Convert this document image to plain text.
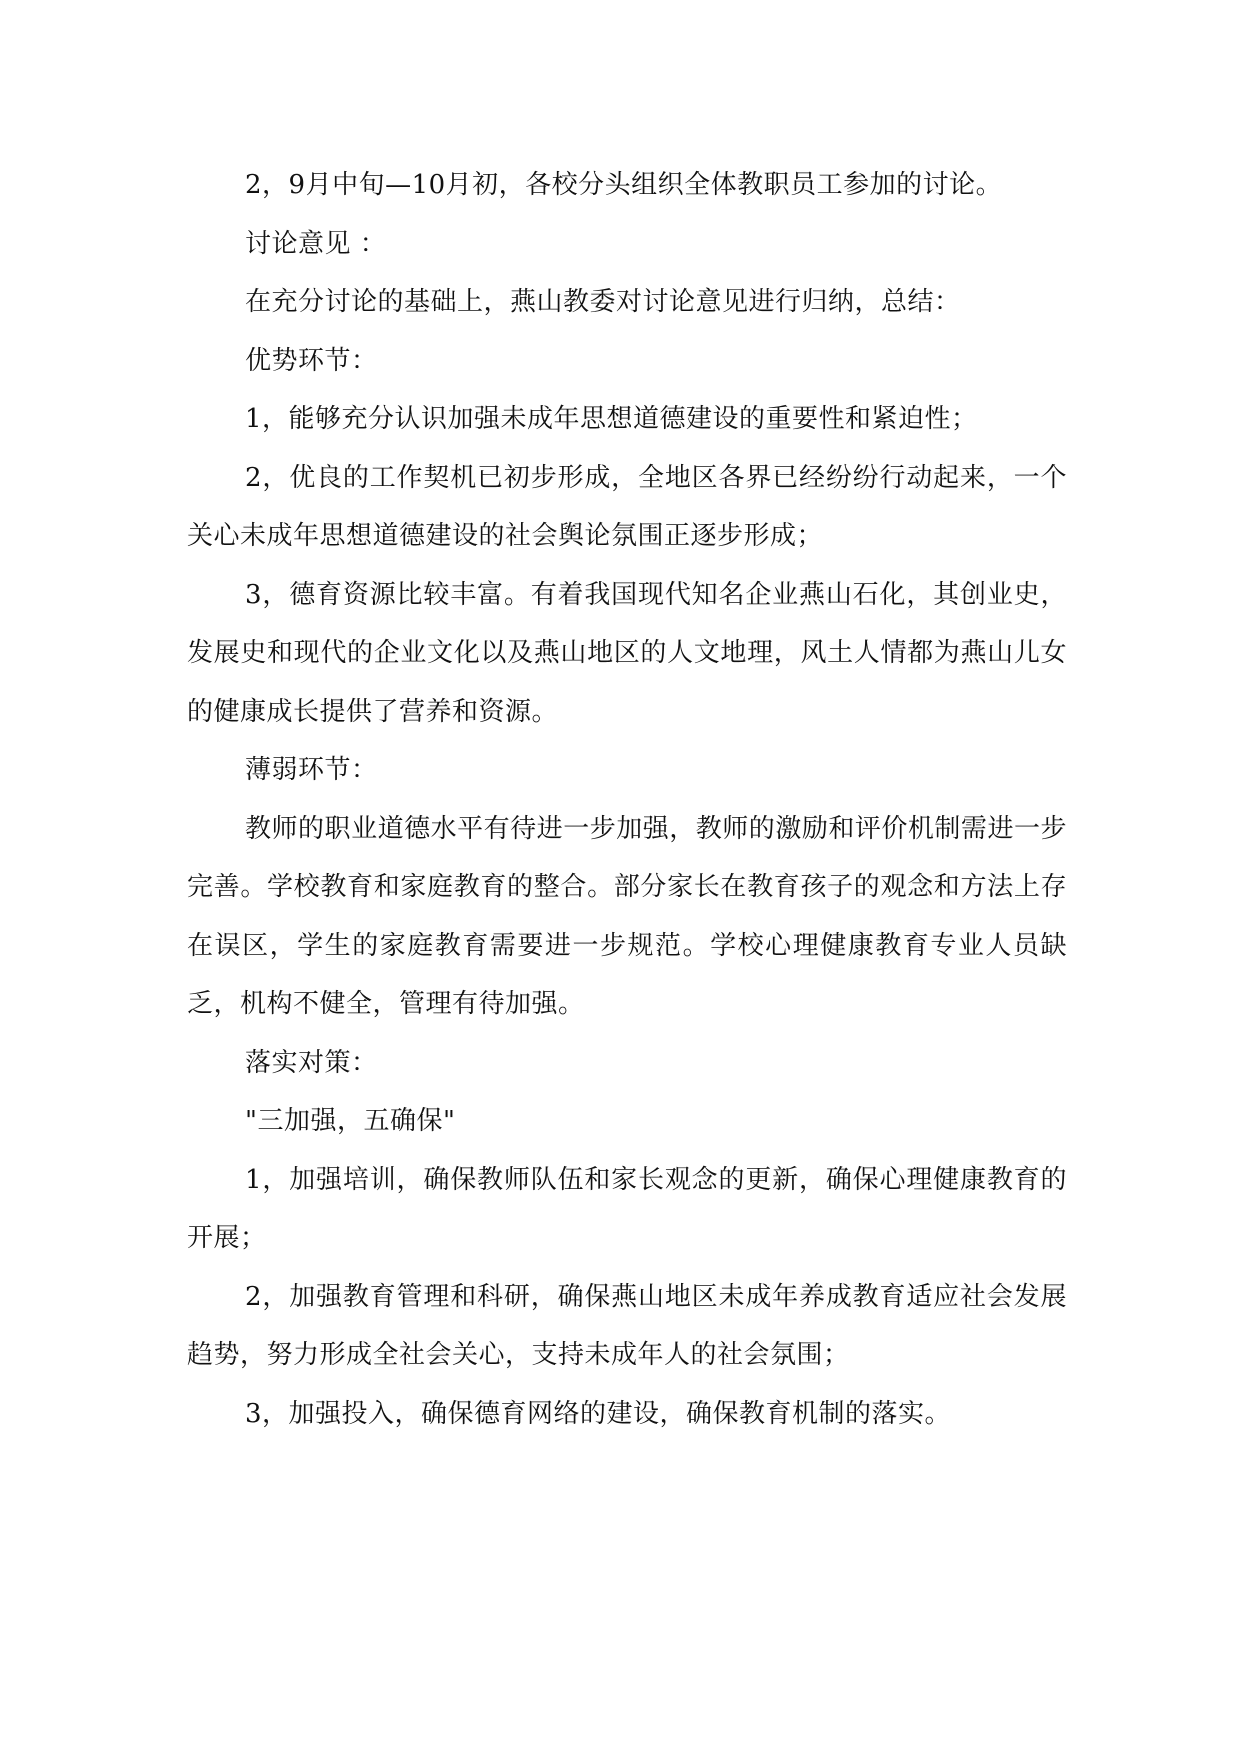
2，9月中旬—10月初，各校分头组织全体教职员工参加的讨论。

讨论意见 ：

在充分讨论的基础上，燕山教委对讨论意见进行归纳，总结：

优势环节：

1，能够充分认识加强未成年思想道德建设的重要性和紧迫性；

2，优良的工作契机已初步形成，全地区各界已经纷纷行动起来，一个关心未成年思想道德建设的社会舆论氛围正逐步形成；

3，德育资源比较丰富。有着我国现代知名企业燕山石化，其创业史，发展史和现代的企业文化以及燕山地区的人文地理，风土人情都为燕山儿女的健康成长提供了营养和资源。

薄弱环节：

教师的职业道德水平有待进一步加强，教师的激励和评价机制需进一步完善。学校教育和家庭教育的整合。部分家长在教育孩子的观念和方法上存在误区，学生的家庭教育需要进一步规范。学校心理健康教育专业人员缺乏，机构不健全，管理有待加强。

落实对策：

"三加强，五确保"

1，加强培训，确保教师队伍和家长观念的更新，确保心理健康教育的开展；

2，加强教育管理和科研，确保燕山地区未成年养成教育适应社会发展趋势，努力形成全社会关心，支持未成年人的社会氛围；

3，加强投入，确保德育网络的建设，确保教育机制的落实。
